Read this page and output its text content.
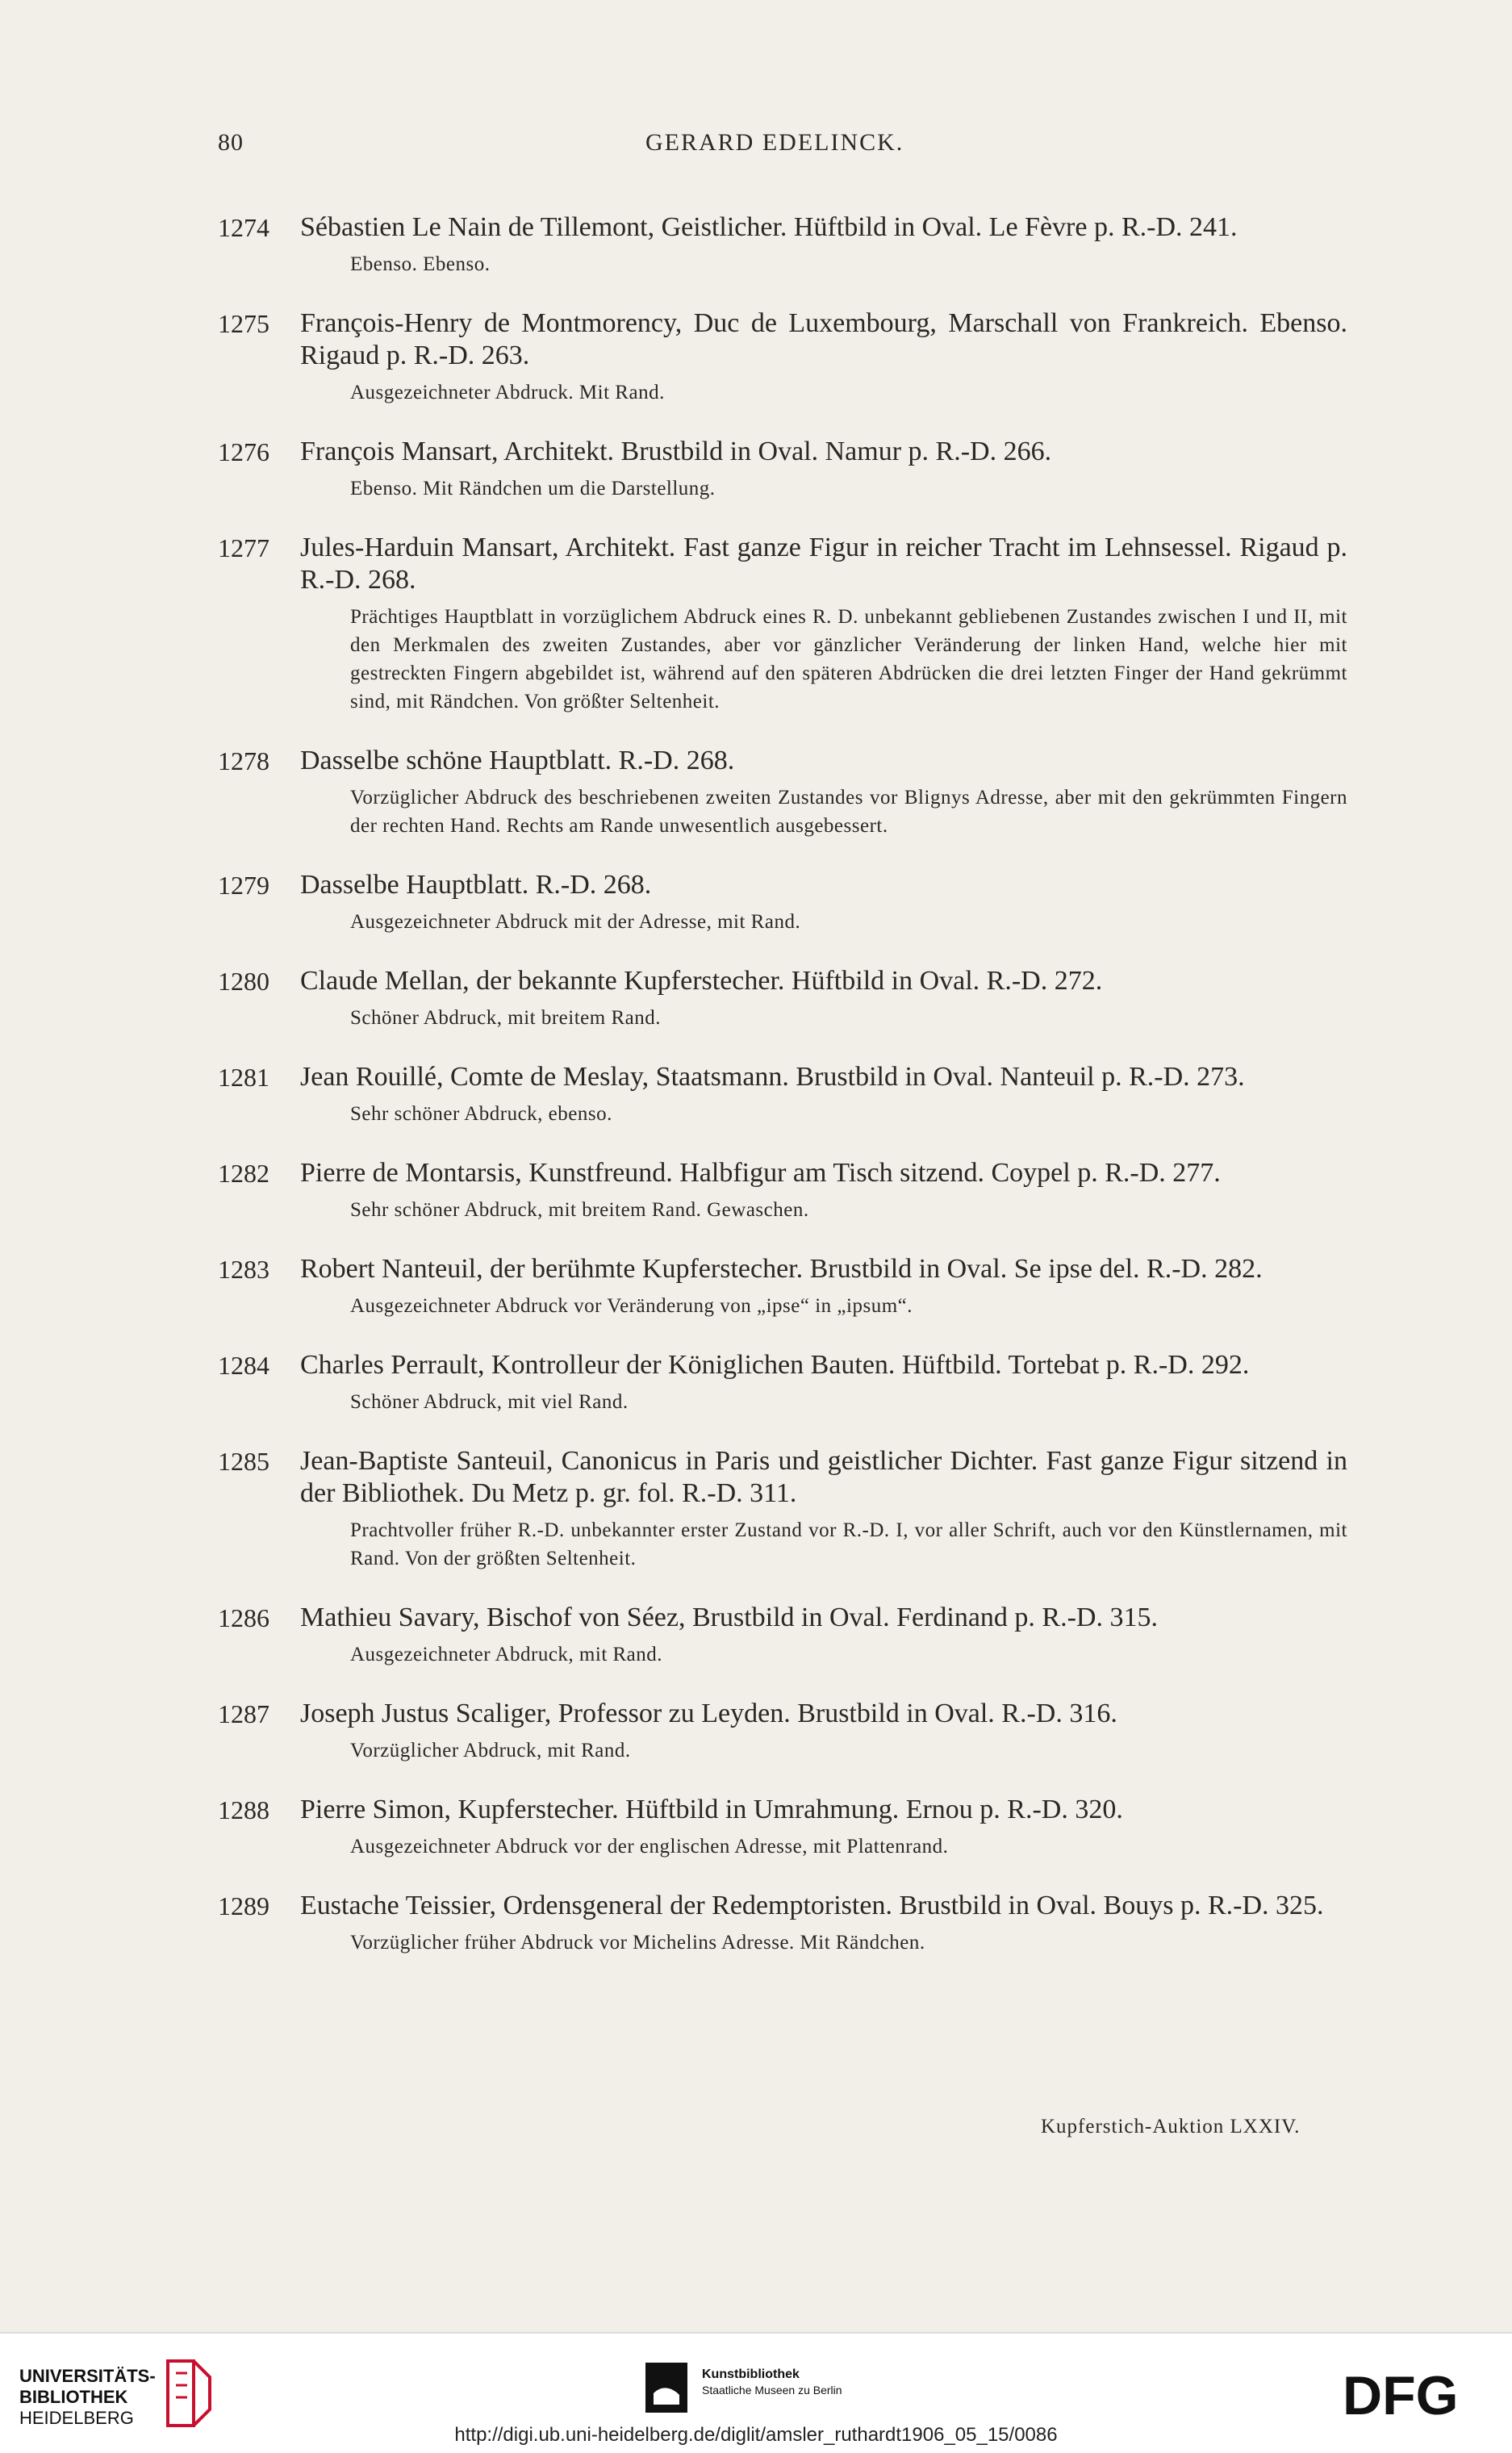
80	GERARD EDELINCK.
1274 Sébastien Le Nain de Tillemont, Geistlicher. Hüftbild in Oval. Le Fèvre p. R.-D. 241.
Ebenso. Ebenso.
1275 François-Henry de Montmorency, Duc de Luxembourg, Marschall von Frankreich. Ebenso. Rigaud p. R.-D. 263.
Ausgezeichneter Abdruck. Mit Rand.
1276 François Mansart, Architekt. Brustbild in Oval. Namur p. R.-D. 266.
Ebenso. Mit Rändchen um die Darstellung.
1277 Jules-Harduin Mansart, Architekt. Fast ganze Figur in reicher Tracht im Lehnsessel. Rigaud p. R.-D. 268.
Prächtiges Hauptblatt in vorzüglichem Abdruck eines R. D. unbekannt gebliebenen Zustandes zwischen I und II, mit den Merkmalen des zweiten Zustandes, aber vor gänzlicher Veränderung der linken Hand, welche hier mit gestreckten Fingern abgebildet ist, während auf den späteren Abdrücken die drei letzten Finger der Hand gekrümmt sind, mit Rändchen. Von größter Seltenheit.
1278 Dasselbe schöne Hauptblatt. R.-D. 268.
Vorzüglicher Abdruck des beschriebenen zweiten Zustandes vor Blignys Adresse, aber mit den gekrümmten Fingern der rechten Hand. Rechts am Rande unwesentlich ausgebessert.
1279 Dasselbe Hauptblatt. R.-D. 268.
Ausgezeichneter Abdruck mit der Adresse, mit Rand.
1280 Claude Mellan, der bekannte Kupferstecher. Hüftbild in Oval. R.-D. 272.
Schöner Abdruck, mit breitem Rand.
1281 Jean Rouillé, Comte de Meslay, Staatsmann. Brustbild in Oval. Nanteuil p. R.-D. 273.
Sehr schöner Abdruck, ebenso.
1282 Pierre de Montarsis, Kunstfreund. Halbfigur am Tisch sitzend. Coypel p. R.-D. 277.
Sehr schöner Abdruck, mit breitem Rand. Gewaschen.
1283 Robert Nanteuil, der berühmte Kupferstecher. Brustbild in Oval. Se ipse del. R.-D. 282.
Ausgezeichneter Abdruck vor Veränderung von „ipse“ in „ipsum“.
1284 Charles Perrault, Kontrolleur der Königlichen Bauten. Hüftbild. Tortebat p. R.-D. 292.
Schöner Abdruck, mit viel Rand.
1285 Jean-Baptiste Santeuil, Canonicus in Paris und geistlicher Dichter. Fast ganze Figur sitzend in der Bibliothek. Du Metz p. gr. fol. R.-D. 311.
Prachtvoller früher R.-D. unbekannter erster Zustand vor R.-D. I, vor aller Schrift, auch vor den Künstlernamen, mit Rand. Von der größten Seltenheit.
1286 Mathieu Savary, Bischof von Séez, Brustbild in Oval. Ferdinand p. R.-D. 315.
Ausgezeichneter Abdruck, mit Rand.
1287 Joseph Justus Scaliger, Professor zu Leyden. Brustbild in Oval. R.-D. 316.
Vorzüglicher Abdruck, mit Rand.
1288 Pierre Simon, Kupferstecher. Hüftbild in Umrahmung. Ernou p. R.-D. 320.
Ausgezeichneter Abdruck vor der englischen Adresse, mit Plattenrand.
1289 Eustache Teissier, Ordensgeneral der Redemptoristen. Brustbild in Oval. Bouys p. R.-D. 325.
Vorzüglicher früher Abdruck vor Michelins Adresse. Mit Rändchen.
Kupferstich-Auktion LXXIV.
UNIVERSITÄTS-
BIBLIOTHEK
HEIDELBERG
Kunstbibliothek
Staatliche Museen zu Berlin	DFG
http://digi.ub.uni-heidelberg.de/diglit/amsler_ruthardt1906_05_15/0086
